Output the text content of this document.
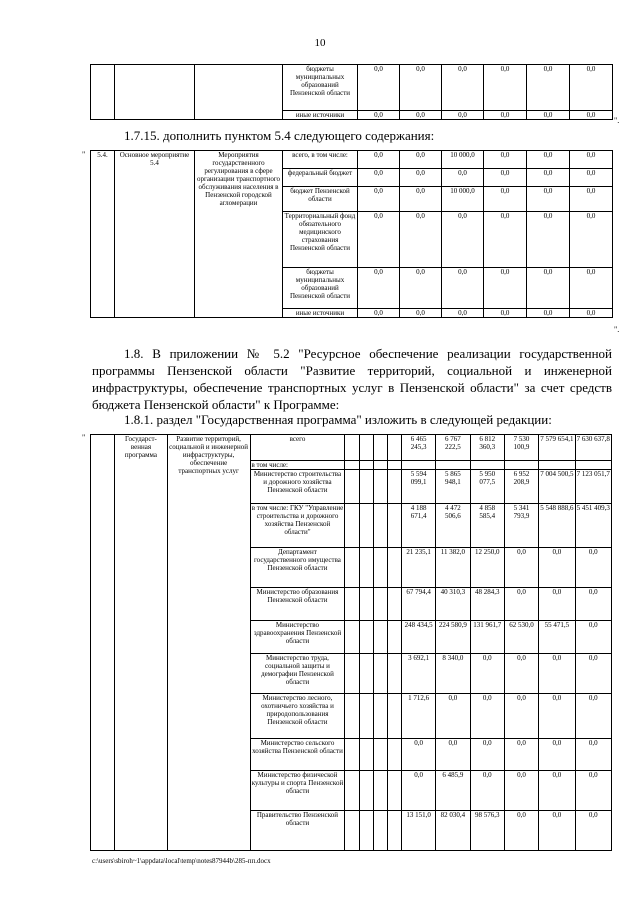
10
			бюджеты муниципальных образований Пензенской области	0,0	0,0	0,0	0,0	0,0	0,0
			иные источники	0,0	0,0	0,0	0,0	0,0	0,0
".
1.7.15. дополнить пунктом 5.4 следующего содержания:
" 5.4.	Основное мероприятие 5.4	Мероприятия государственного регулирования в сфере организации транспортного обслуживания населения в Пензенской городской агломерации	всего, в том числе:	0,0	0,0	10 000,0	0,0	0,0	0,0
			федеральный бюджет	0,0	0,0	0,0	0,0	0,0	0,0
			бюджет Пензенской области	0,0	0,0	10 000,0	0,0	0,0	0,0
			Территориальный фонд обязательного медицинского страхования Пензенской области	0,0	0,0	0,0	0,0	0,0	0,0
			бюджеты муниципальных образований Пензенской области	0,0	0,0	0,0	0,0	0,0	0,0
			иные источники	0,0	0,0	0,0	0,0	0,0	0,0
".
1.8. В приложении № 5.2 "Ресурсное обеспечение реализации государственной программы Пензенской области "Развитие территорий, социальной и инженерной инфраструктуры, обеспечение транспортных услуг в Пензенской области" за счет средств бюджета Пензенской области" к Программе:
1.8.1. раздел "Государственная программа" изложить в следующей редакции:
"
		Государст-венная программа	Развитие территорий, социальной и инженерной инфраструктуры, обеспечение транспортных услуг	всего					6 465 245,3	6 767 222,5	6 812 360,3	7 530 100,9	7 579 654,1	7 630 637,8
			в том числе:										
			Министерство строительства и дорожного хозяйства Пензенской области					5 594 099,1	5 865 948,1	5 950 077,5	6 952 208,9	7 004 500,5	7 123 051,7
			в том числе: ГКУ "Управление строительства и дорожного хозяйства Пензенской области"					4 188 671,4	4 472 506,6	4 858 585,4	5 341 793,9	5 548 888,6	5 451 409,3
			Департамент государственного имущества Пензенской области					21 235,1	11 382,0	12 250,0	0,0	0,0	0,0
			Министерство образования Пензенской области					67 794,4	40 310,3	48 284,3	0,0	0,0	0,0
			Министерство здравоохранения Пензенской области					248 434,5	224 580,9	131 961,7	62 530,0	55 471,5	0,0
			Министерство труда, социальной защиты и демографии Пензенской области					3 692,1	8 340,0	0,0	0,0	0,0	0,0
			Министерство лесного, охотничьего хозяйства и природопользования Пензенской области					1 712,6	0,0	0,0	0,0	0,0	0,0
			Министерство сельского хозяйства Пензенской области					0,0	0,0	0,0	0,0	0,0	0,0
			Министерство физической культуры и спорта Пензенской области					0,0	6 485,9	0,0	0,0	0,0	0,0
			Правительство Пензенской области					13 151,0	82 030,4	98 576,3	0,0	0,0	0,0
c:\users\sbiroh~1\appdata\local\temp\notes87944b\285-пп.docx
